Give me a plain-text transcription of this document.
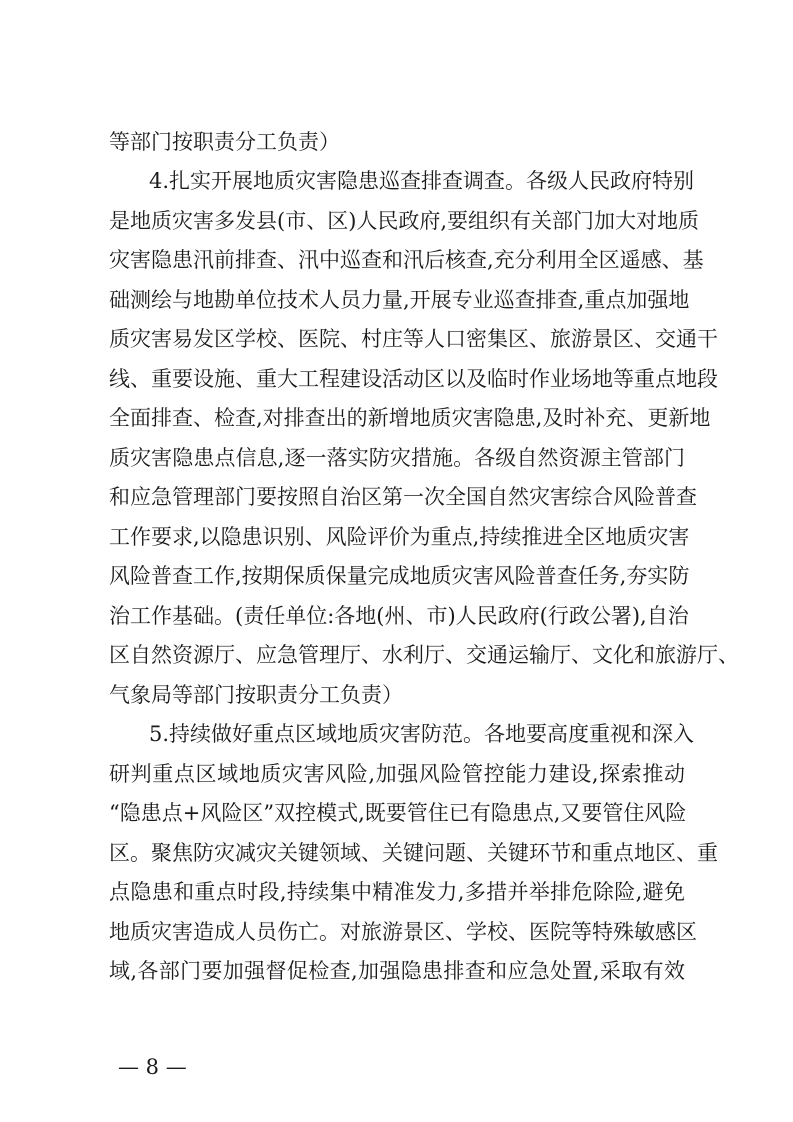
等部门按职责分工负责）
4.扎实开展地质灾害隐患巡查排查调查。各级人民政府特别
是地质灾害多发县(市、区)人民政府,要组织有关部门加大对地质
灾害隐患汛前排查、汛中巡查和汛后核查,充分利用全区遥感、基
础测绘与地勘单位技术人员力量,开展专业巡查排查,重点加强地
质灾害易发区学校、医院、村庄等人口密集区、旅游景区、交通干
线、重要设施、重大工程建设活动区以及临时作业场地等重点地段
全面排查、检查,对排查出的新增地质灾害隐患,及时补充、更新地
质灾害隐患点信息,逐一落实防灾措施。各级自然资源主管部门
和应急管理部门要按照自治区第一次全国自然灾害综合风险普查
工作要求,以隐患识别、风险评价为重点,持续推进全区地质灾害
风险普查工作,按期保质保量完成地质灾害风险普查任务,夯实防
治工作基础。(责任单位:各地(州、市)人民政府(行政公署),自治
区自然资源厅、应急管理厅、水利厅、交通运输厅、文化和旅游厅、
气象局等部门按职责分工负责）
5.持续做好重点区域地质灾害防范。各地要高度重视和深入
研判重点区域地质灾害风险,加强风险管控能力建设,探索推动
“隐患点+风险区”双控模式,既要管住已有隐患点,又要管住风险
区。聚焦防灾减灾关键领域、关键问题、关键环节和重点地区、重
点隐患和重点时段,持续集中精准发力,多措并举排危除险,避免
地质灾害造成人员伤亡。对旅游景区、学校、医院等特殊敏感区
域,各部门要加强督促检查,加强隐患排查和应急处置,采取有效
— 8 —
